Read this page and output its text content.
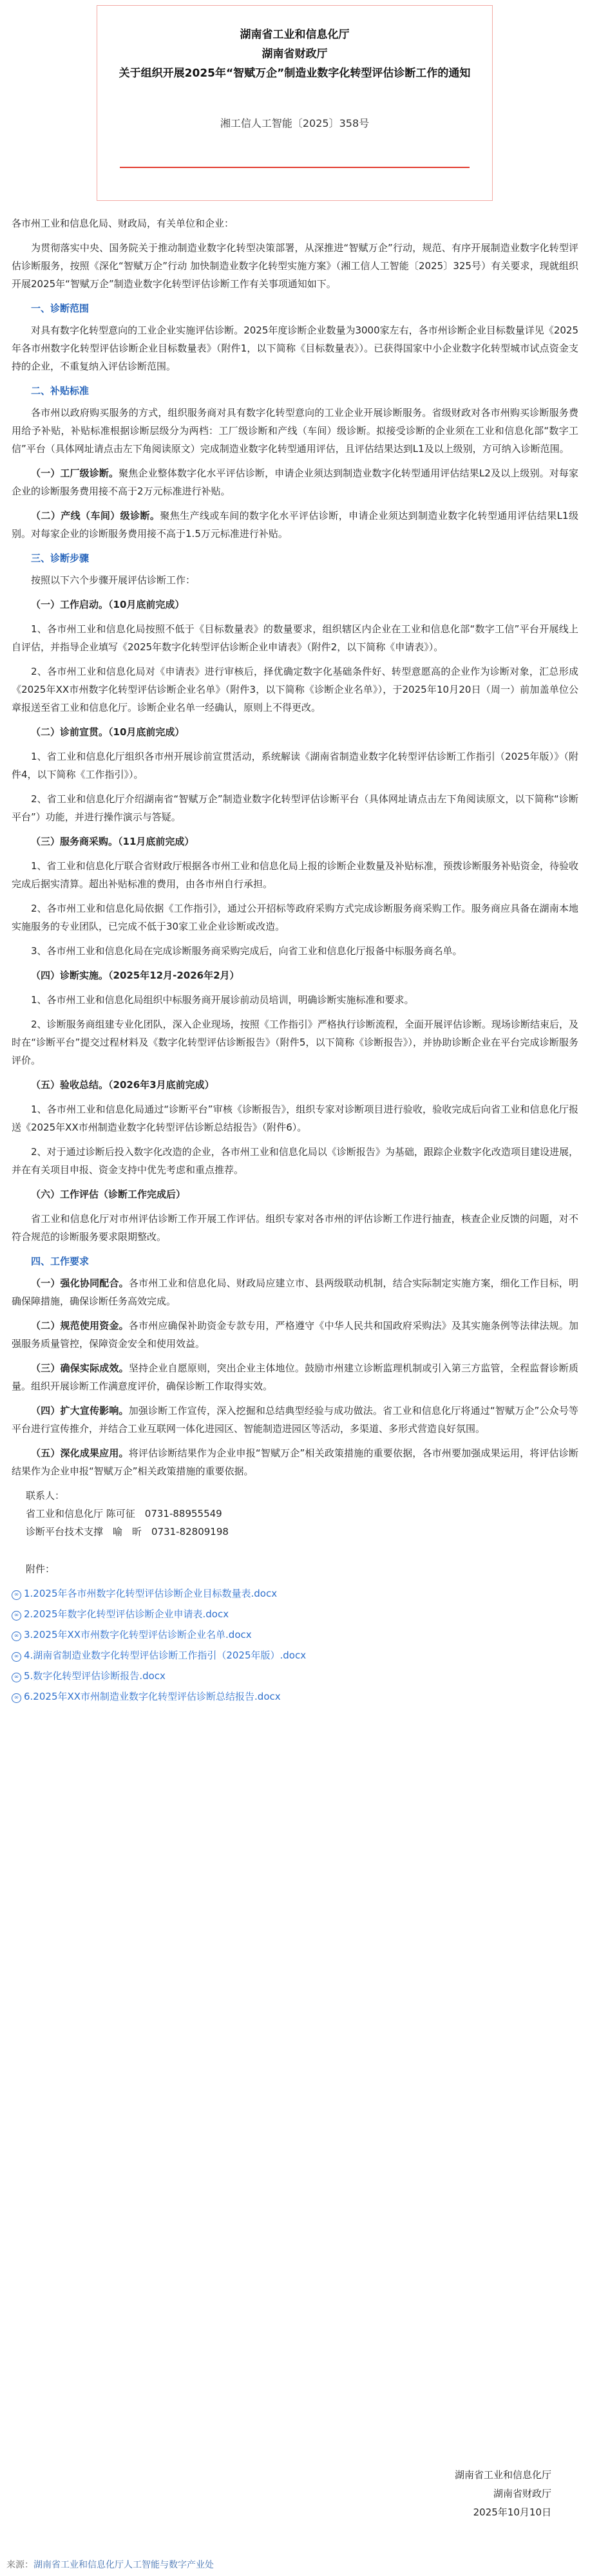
湖南省工业和信息化厅
湖南省财政厅
关于组织开展2025年“智赋万企”制造业数字化转型评估诊断工作的通知
湘工信人工智能〔2025〕358号

各市州工业和信息化局、财政局，有关单位和企业：

为贯彻落实中央、国务院关于推动制造业数字化转型决策部署，从深推进“智赋万企”行动，规范、有序开展制造业数字化转型评估诊断服务，按照《深化“智赋万企”行动 加快制造业数字化转型实施方案》（湘工信人工智能〔2025〕325号）有关要求，现就组织开展2025年“智赋万企”制造业数字化转型评估诊断工作有关事项通知如下。

一、诊断范围

对具有数字化转型意向的工业企业实施评估诊断。2025年度诊断企业数量为3000家左右，各市州诊断企业目标数量详见《2025年各市州数字化转型评估诊断企业目标数量表》（附件1，以下简称《目标数量表》）。已获得国家中小企业数字化转型城市试点资金支持的企业，不重复纳入评估诊断范围。

二、补贴标准

各市州以政府购买服务的方式，组织服务商对具有数字化转型意向的工业企业开展诊断服务。省级财政对各市州购买诊断服务费用给予补贴，补贴标准根据诊断层级分为两档：工厂级诊断和产线（车间）级诊断。拟接受诊断的企业须在工业和信息化部“数字工信”平台（具体网址请点击左下角阅读原文）完成制造业数字化转型通用评估，且评估结果达到L1及以上级别，方可纳入诊断范围。

（一）工厂级诊断。聚焦企业整体数字化水平评估诊断，申请企业须达到制造业数字化转型通用评估结果L2及以上级别。对每家企业的诊断服务费用接不高于2万元标准进行补贴。

（二）产线（车间）级诊断。聚焦生产线或车间的数字化水平评估诊断，申请企业须达到制造业数字化转型通用评估结果L1级别。对每家企业的诊断服务费用接不高于1.5万元标准进行补贴。

三、诊断步骤

按照以下六个步骤开展评估诊断工作：

（一）工作启动。（10月底前完成）

1、各市州工业和信息化局按照不低于《目标数量表》的数量要求，组织辖区内企业在工业和信息化部“数字工信”平台开展线上自评估，并指导企业填写《2025年数字化转型评估诊断企业申请表》（附件2，以下简称《申请表》）。

2、各市州工业和信息化局对《申请表》进行审核后，择优确定数字化基础条件好、转型意愿高的企业作为诊断对象，汇总形成《2025年XX市州数字化转型评估诊断企业名单》（附件3，以下简称《诊断企业名单》），于2025年10月20日（周一）前加盖单位公章报送至省工业和信息化厅。诊断企业名单一经确认，原则上不得更改。

（二）诊前宣贯。（10月底前完成）

1、省工业和信息化厅组织各市州开展诊前宣贯活动，系统解读《湖南省制造业数字化转型评估诊断工作指引（2025年版）》（附件4，以下简称《工作指引》）。

2、省工业和信息化厅介绍湖南省“智赋万企”制造业数字化转型评估诊断平台（具体网址请点击左下角阅读原文，以下简称“诊断平台”）功能，并进行操作演示与答疑。

（三）服务商采购。（11月底前完成）

1、省工业和信息化厅联合省财政厅根据各市州工业和信息化局上报的诊断企业数量及补贴标准，预拨诊断服务补贴资金，待验收完成后据实清算。超出补贴标准的费用，由各市州自行承担。

2、各市州工业和信息化局依据《工作指引》，通过公开招标等政府采购方式完成诊断服务商采购工作。服务商应具备在湖南本地实施服务的专业团队，已完成不低于30家工业企业诊断或改造。

3、各市州工业和信息化局在完成诊断服务商采购完成后，向省工业和信息化厅报备中标服务商名单。

（四）诊断实施。（2025年12月-2026年2月）

1、各市州工业和信息化局组织中标服务商开展诊前动员培训，明确诊断实施标准和要求。

2、诊断服务商组建专业化团队，深入企业现场，按照《工作指引》严格执行诊断流程，全面开展评估诊断。现场诊断结束后，及时在“诊断平台”提交过程材料及《数字化转型评估诊断报告》（附件5，以下简称《诊断报告》），并协助诊断企业在平台完成诊断服务评价。

（五）验收总结。（2026年3月底前完成）

1、各市州工业和信息化局通过“诊断平台”审核《诊断报告》，组织专家对诊断项目进行验收，验收完成后向省工业和信息化厅报送《2025年XX市州制造业数字化转型评估诊断总结报告》（附件6）。

2、对于通过诊断后投入数字化改造的企业，各市州工业和信息化局以《诊断报告》为基础，跟踪企业数字化改造项目建设进展，并在有关项目申报、资金支持中优先考虑和重点推荐。

（六）工作评估（诊断工作完成后）

省工业和信息化厅对市州评估诊断工作开展工作评估。组织专家对各市州的评估诊断工作进行抽查，核查企业反馈的问题，对不符合规范的诊断服务要求限期整改。

四、工作要求

（一）强化协同配合。各市州工业和信息化局、财政局应建立市、县两级联动机制，结合实际制定实施方案，细化工作目标，明确保障措施，确保诊断任务高效完成。

（二）规范使用资金。各市州应确保补助资金专款专用，严格遵守《中华人民共和国政府采购法》及其实施条例等法律法规。加强服务质量管控，保障资金安全和使用效益。

（三）确保实际成效。坚持企业自愿原则，突出企业主体地位。鼓励市州建立诊断监理机制或引入第三方监管，全程监督诊断质量。组织开展诊断工作满意度评价，确保诊断工作取得实效。

（四）扩大宣传影响。加强诊断工作宣传，深入挖掘和总结典型经验与成功做法。省工业和信息化厅将通过“智赋万企”公众号等平台进行宣传推介，并结合工业互联网一体化进园区、智能制造进园区等活动，多渠道、多形式营造良好氛围。

（五）深化成果应用。将评估诊断结果作为企业申报“智赋万企”相关政策措施的重要依据，各市州要加强成果运用，将评估诊断结果作为企业申报“智赋万企”相关政策措施的重要依据。

联系人：
省工业和信息化厅 陈可征　0731-88955549
诊断平台技术支撑　喻　昕　0731-82809198

附件：

∞ 1.2025年各市州数字化转型评估诊断企业目标数量表.docx

∞ 2.2025年数字化转型评估诊断企业申请表.docx

∞ 3.2025年XX市州数字化转型评估诊断企业名单.docx

∞ 4.湖南省制造业数字化转型评估诊断工作指引（2025年版）.docx

∞ 5.数字化转型评估诊断报告.docx

∞ 6.2025年XX市州制造业数字化转型评估诊断总结报告.docx

湖南省工业和信息化厅
湖南省财政厅
2025年10月10日
来源：湖南省工业和信息化厅人工智能与数字产业处
